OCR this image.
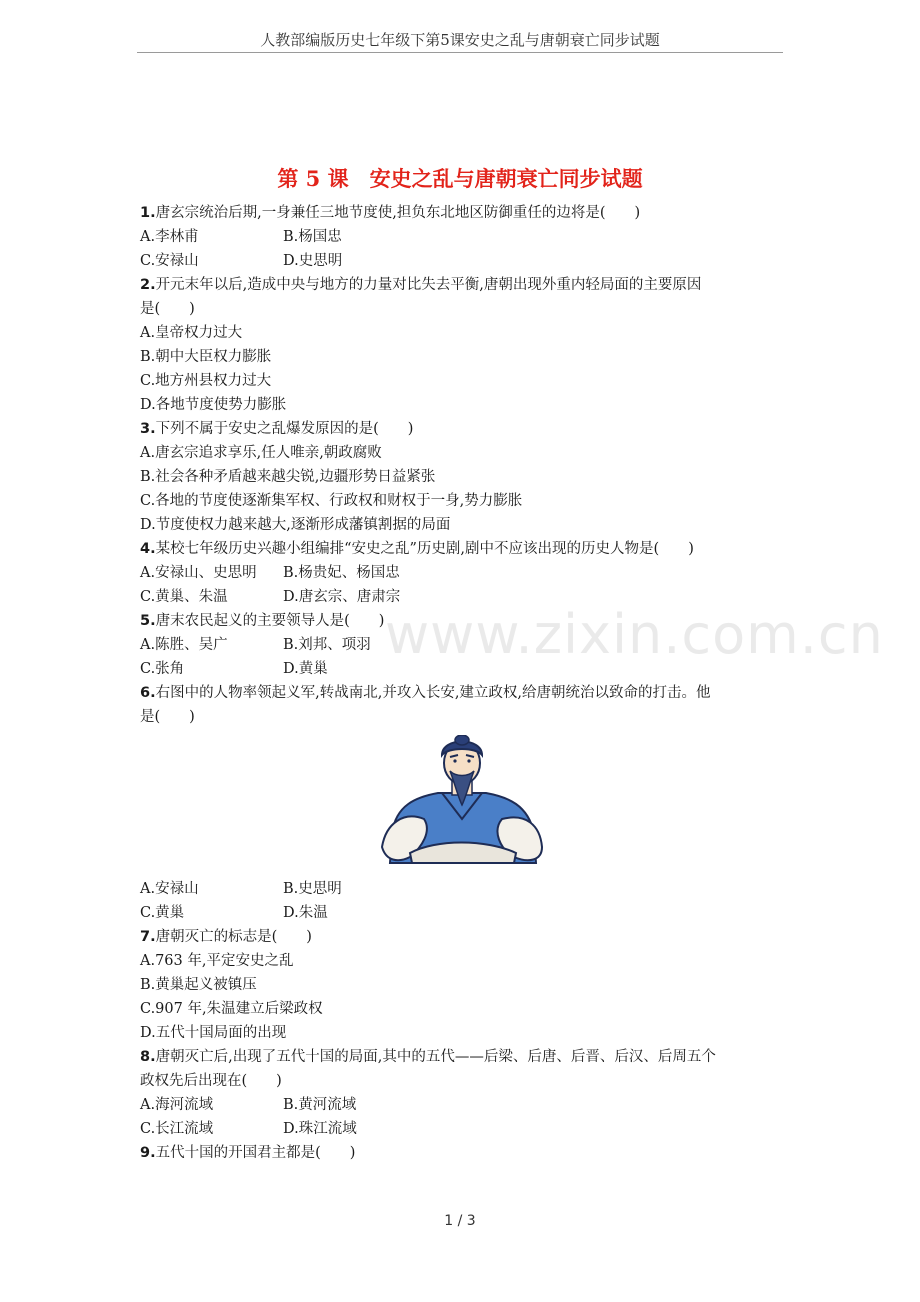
人教部编版历史七年级下第5课安史之乱与唐朝衰亡同步试题
第 5 课　安史之乱与唐朝衰亡同步试题
www.zixin.com.cn
1.唐玄宗统治后期,一身兼任三地节度使,担负东北地区防御重任的边将是(　　)
A.李林甫	B.杨国忠
C.安禄山	D.史思明
2.开元末年以后,造成中央与地方的力量对比失去平衡,唐朝出现外重内轻局面的主要原因
是(　　)
A.皇帝权力过大
B.朝中大臣权力膨胀
C.地方州县权力过大
D.各地节度使势力膨胀
3.下列不属于安史之乱爆发原因的是(　　)
A.唐玄宗追求享乐,任人唯亲,朝政腐败
B.社会各种矛盾越来越尖锐,边疆形势日益紧张
C.各地的节度使逐渐集军权、行政权和财权于一身,势力膨胀
D.节度使权力越来越大,逐渐形成藩镇割据的局面
4.某校七年级历史兴趣小组编排“安史之乱”历史剧,剧中不应该出现的历史人物是(　　)
A.安禄山、史思明	B.杨贵妃、杨国忠
C.黄巢、朱温	D.唐玄宗、唐肃宗
5.唐末农民起义的主要领导人是(　　)
A.陈胜、吴广	B.刘邦、项羽
C.张角	D.黄巢
6.右图中的人物率领起义军,转战南北,并攻入长安,建立政权,给唐朝统治以致命的打击。他
是(　　)
A.安禄山	B.史思明
C.黄巢	D.朱温
7.唐朝灭亡的标志是(　　)
A.763 年,平定安史之乱
B.黄巢起义被镇压
C.907 年,朱温建立后梁政权
D.五代十国局面的出现
8.唐朝灭亡后,出现了五代十国的局面,其中的五代——后梁、后唐、后晋、后汉、后周五个
政权先后出现在(　　)
A.海河流域	B.黄河流域
C.长江流域	D.珠江流域
9.五代十国的开国君主都是(　　)
1 / 3
